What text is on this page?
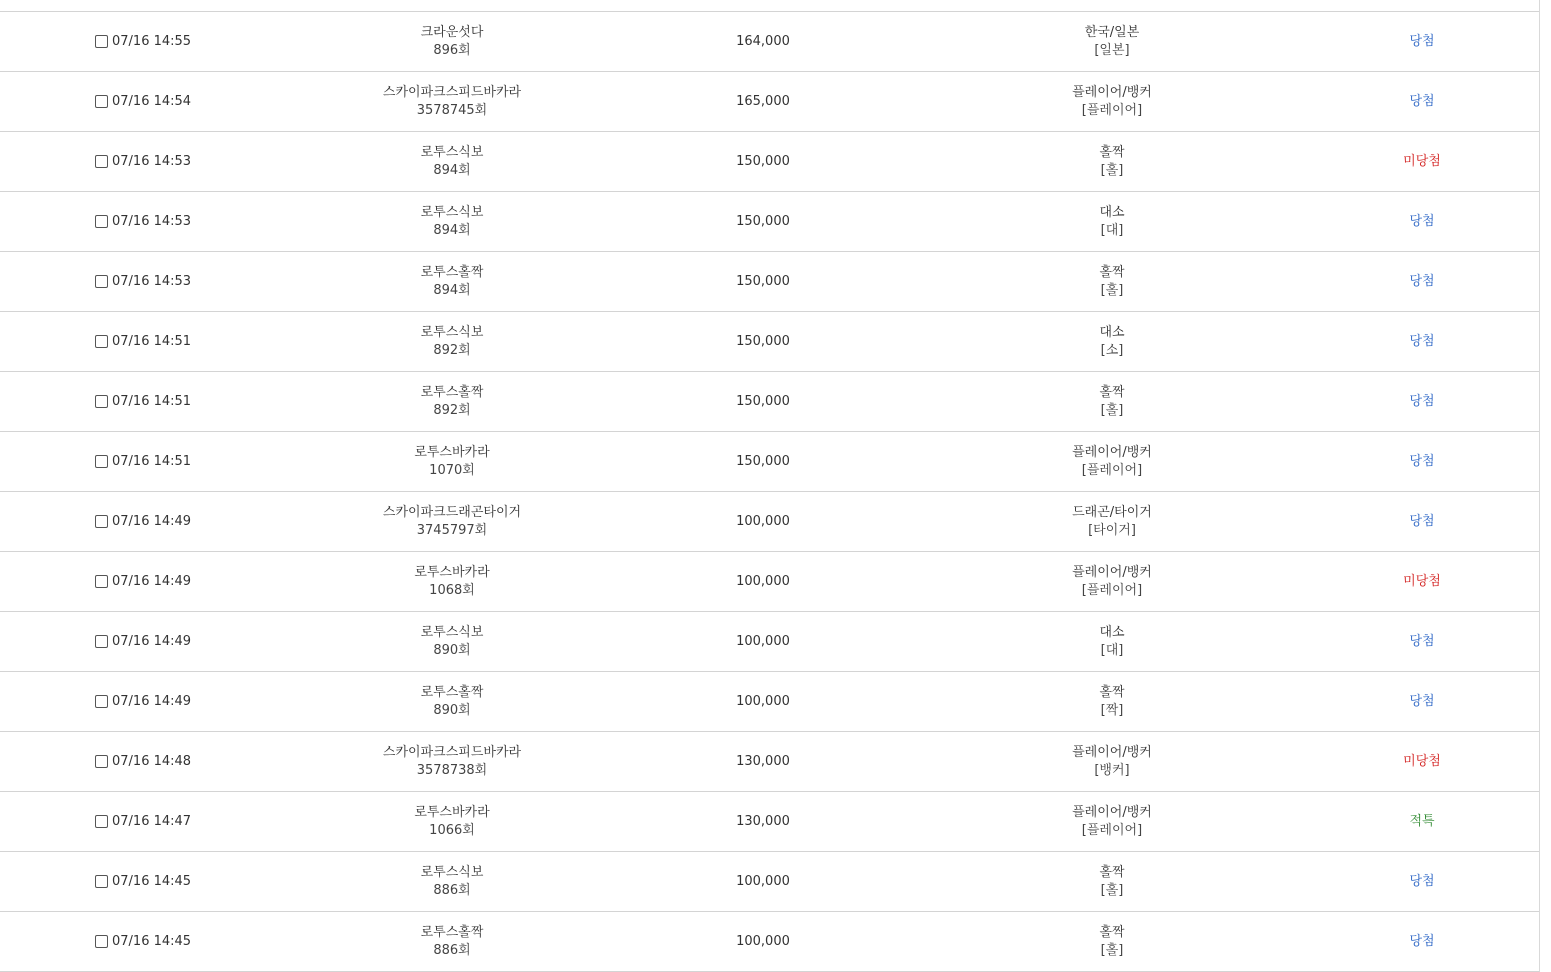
07/16 14:55
크라운섯다
896회
164,000
한국/일본
[일본]
당첨
07/16 14:54
스카이파크스피드바카라
3578745회
165,000
플레이어/뱅커
[플레이어]
당첨
07/16 14:53
로투스식보
894회
150,000
홀짝
[홀]
미당첨
07/16 14:53
로투스식보
894회
150,000
대소
[대]
당첨
07/16 14:53
로투스홀짝
894회
150,000
홀짝
[홀]
당첨
07/16 14:51
로투스식보
892회
150,000
대소
[소]
당첨
07/16 14:51
로투스홀짝
892회
150,000
홀짝
[홀]
당첨
07/16 14:51
로투스바카라
1070회
150,000
플레이어/뱅커
[플레이어]
당첨
07/16 14:49
스카이파크드래곤타이거
3745797회
100,000
드래곤/타이거
[타이거]
당첨
07/16 14:49
로투스바카라
1068회
100,000
플레이어/뱅커
[플레이어]
미당첨
07/16 14:49
로투스식보
890회
100,000
대소
[대]
당첨
07/16 14:49
로투스홀짝
890회
100,000
홀짝
[짝]
당첨
07/16 14:48
스카이파크스피드바카라
3578738회
130,000
플레이어/뱅커
[뱅커]
미당첨
07/16 14:47
로투스바카라
1066회
130,000
플레이어/뱅커
[플레이어]
적특
07/16 14:45
로투스식보
886회
100,000
홀짝
[홀]
당첨
07/16 14:45
로투스홀짝
886회
100,000
홀짝
[홀]
당첨
